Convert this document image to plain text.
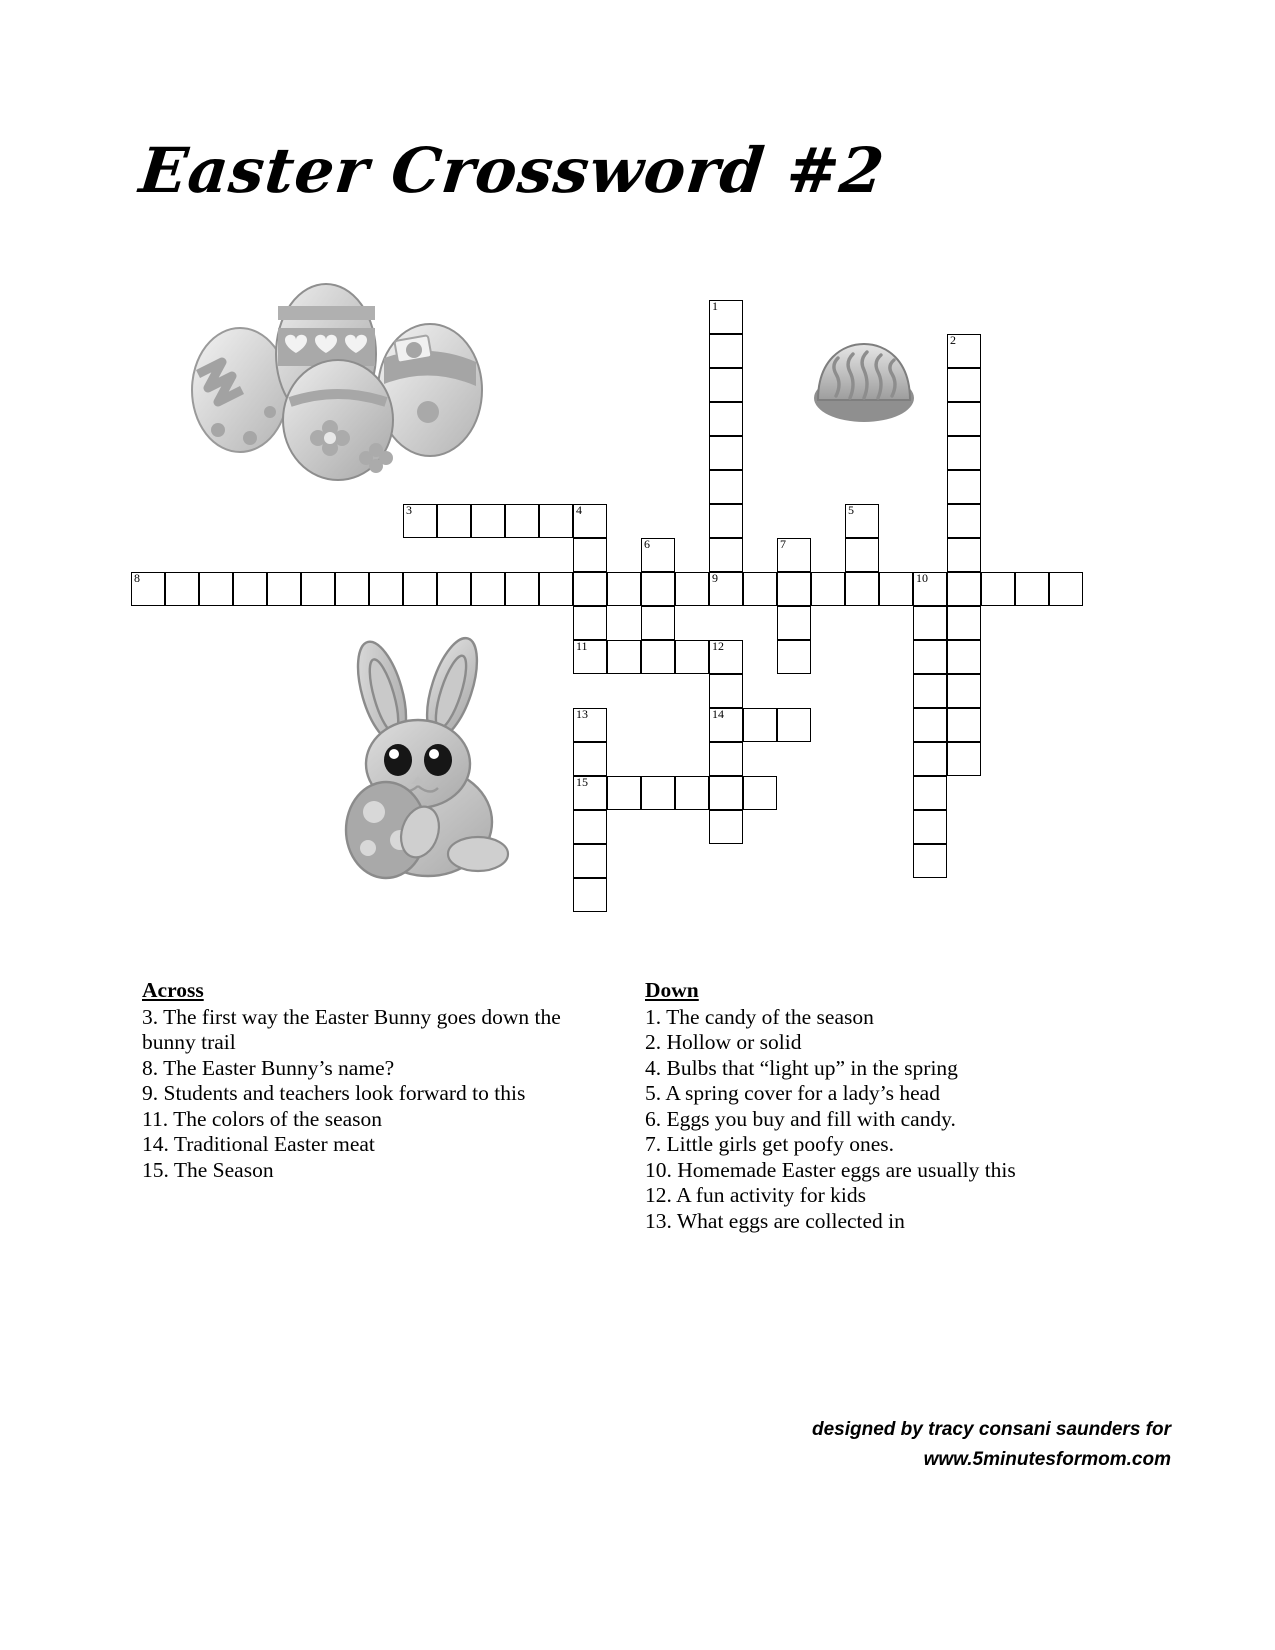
Easter Crossword #2
1
9
2
3	4
11
5
6	7
8	10
12
14
13
15
Across

3. The first way the Easter Bunny goes down the bunny trail

8. The Easter Bunny’s name?

9. Students and teachers look forward to this

11. The colors of the season

14. Traditional Easter meat

15. The Season

Down

1. The candy of the season

2. Hollow or solid

4. Bulbs that “light up” in the spring

5. A spring cover for a lady’s head

6. Eggs you buy and fill with candy.

7. Little girls get poofy ones.

10. Homemade Easter eggs are usually this

12. A fun activity for kids

13. What eggs are collected in

designed by tracy consani saunders for
www.5minutesformom.com
